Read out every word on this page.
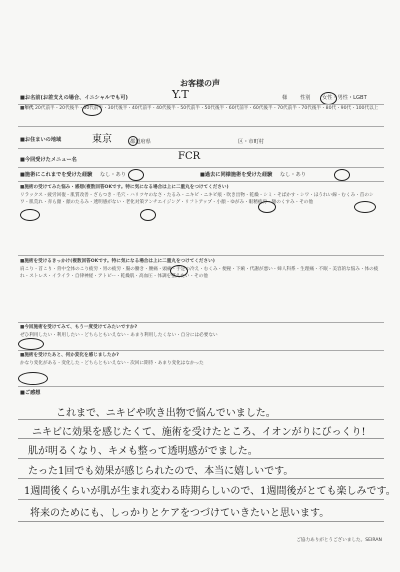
お客様の声
■お名前(お差支えの場合、イニシャルでも可)	Y.T	様 性別 女性・男性・LGBT
■年代 20代前半・20代後半・30代前半・30代後半・40代前半・40代後半・50代前半・50代後半・60代前半・60代後半・70代前半・70代後半・80代・90代・100代以上
■お住まいの地域	東京	都道府県	区・市町村
■今回受けたメニュー名	FCR
■施術にこれまでを受けた経験 なし・あり	■過去に同様施術を受けた経験 なし・あり
■施術の受けてみた悩み・感想(複数回答OKです。特に気になる場合は上に二重丸をつけてください)
リラックス・疲労回復・肌質改善・ざらつき・毛穴・ハリツヤのなさ・たるみ・ニキビ・ニキビ痕・吹き出物・乾燥・シミ・そばかす・シワ・ほうれい線・むくみ・首のシワ・肌荒れ・赤ら顔・顔のたるみ・透明感がない・老化対策アンチエイジング・リフトアップ・小顔・ゆがみ・眼精疲労・額のくすみ・その他
■施術を受けるきっかけ(複数回答OKです。特に気になる場合は上に二重丸をつけてください)
肩こり・首こり・背中全体のこり疲労・胃の疲労・腸の働き・腰痛・頭痛・手足の冷え・むくみ・便秘・下痢・代謝が悪い・婦人科系・生理痛・不眠・美容的な悩み・体の疲れ・ストレス・イライラ・自律神経・アトピー・乾燥肌・高血圧・体調を整えたい・その他
■今回施術を受けてみて、もう一度受けてみたいですか?
ぜひ利用したい・利用したい・どちらともいえない・あまり利用したくない・自分には必要ない
■施術を受けたあと、何か変化を感じましたか?
かなり変化がある・変化した・どちらともいえない・次回に期待・あまり変化はなかった
■ご感想
これまで、ニキビや吹き出物で悩んでいました。
ニキビに効果を感じたくて、施術を受けたところ、イオンがりにびっくり!
肌が明るくなり、キメも整って透明感がでました。
たった1回でも効果が感じられたので、本当に嬉しいです。
1週間後くらいが肌が生まれ変わる時期らしいので、1週間後がとても楽しみです。
将来のためにも、しっかりとケアをつづけていきたいと思います。
ご協力ありがとうございました。SEIRAN
